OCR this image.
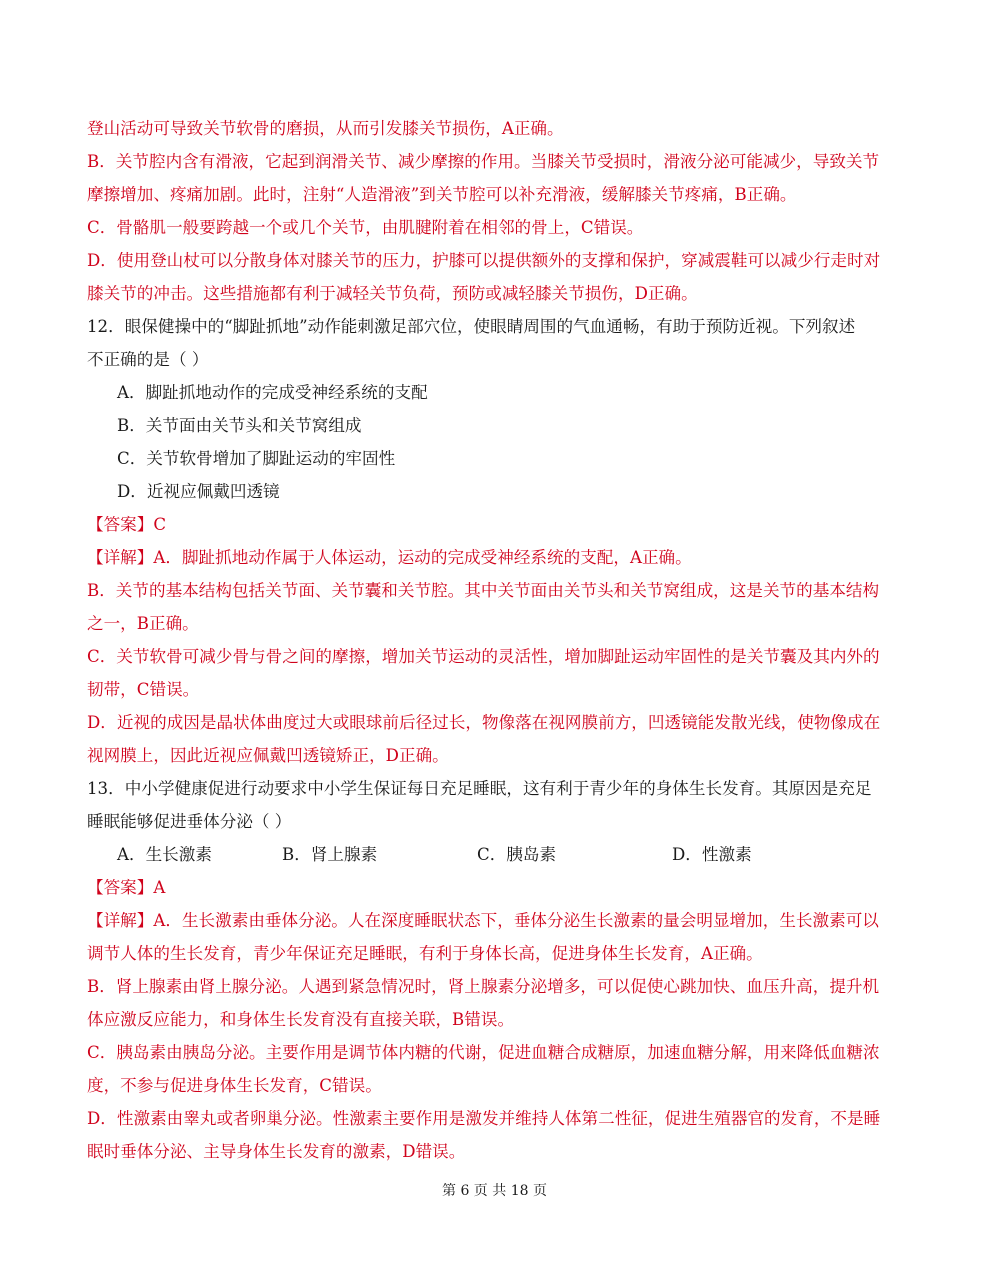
登山活动可导致关节软骨的磨损，从而引发膝关节损伤，A正确。

B．关节腔内含有滑液，它起到润滑关节、减少摩擦的作用。当膝关节受损时，滑液分泌可能减少，导致关节

摩擦增加、疼痛加剧。此时，注射“人造滑液”到关节腔可以补充滑液，缓解膝关节疼痛，B正确。

C．骨骼肌一般要跨越一个或几个关节，由肌腱附着在相邻的骨上，C错误。

D．使用登山杖可以分散身体对膝关节的压力，护膝可以提供额外的支撑和保护，穿减震鞋可以减少行走时对

膝关节的冲击。这些措施都有利于减轻关节负荷，预防或减轻膝关节损伤，D正确。

12．眼保健操中的“脚趾抓地”动作能刺激足部穴位，使眼睛周围的气血通畅，有助于预防近视。下列叙述

不正确的是（ ）

A．脚趾抓地动作的完成受神经系统的支配

B．关节面由关节头和关节窝组成

C．关节软骨增加了脚趾运动的牢固性

D．近视应佩戴凹透镜

【答案】C

【详解】A．脚趾抓地动作属于人体运动，运动的完成受神经系统的支配，A正确。

B．关节的基本结构包括关节面、关节囊和关节腔。其中关节面由关节头和关节窝组成，这是关节的基本结构

之一，B正确。

C．关节软骨可减少骨与骨之间的摩擦，增加关节运动的灵活性，增加脚趾运动牢固性的是关节囊及其内外的

韧带，C错误。

D．近视的成因是晶状体曲度过大或眼球前后径过长，物像落在视网膜前方，凹透镜能发散光线，使物像成在

视网膜上，因此近视应佩戴凹透镜矫正，D正确。

13．中小学健康促进行动要求中小学生保证每日充足睡眠，这有利于青少年的身体生长发育。其原因是充足

睡眠能够促进垂体分泌（ ）

A．生长激素	B．肾上腺素	C．胰岛素	D．性激素

【答案】A

【详解】A．生长激素由垂体分泌。人在深度睡眠状态下，垂体分泌生长激素的量会明显增加，生长激素可以

调节人体的生长发育，青少年保证充足睡眠，有利于身体长高，促进身体生长发育，A正确。

B．肾上腺素由肾上腺分泌。人遇到紧急情况时，肾上腺素分泌增多，可以促使心跳加快、血压升高，提升机

体应激反应能力，和身体生长发育没有直接关联，B错误。

C．胰岛素由胰岛分泌。主要作用是调节体内糖的代谢，促进血糖合成糖原，加速血糖分解，用来降低血糖浓

度，不参与促进身体生长发育，C错误。

D．性激素由睾丸或者卵巢分泌。性激素主要作用是激发并维持人体第二性征，促进生殖器官的发育，不是睡

眠时垂体分泌、主导身体生长发育的激素，D错误。

第 6 页 共 18 页
